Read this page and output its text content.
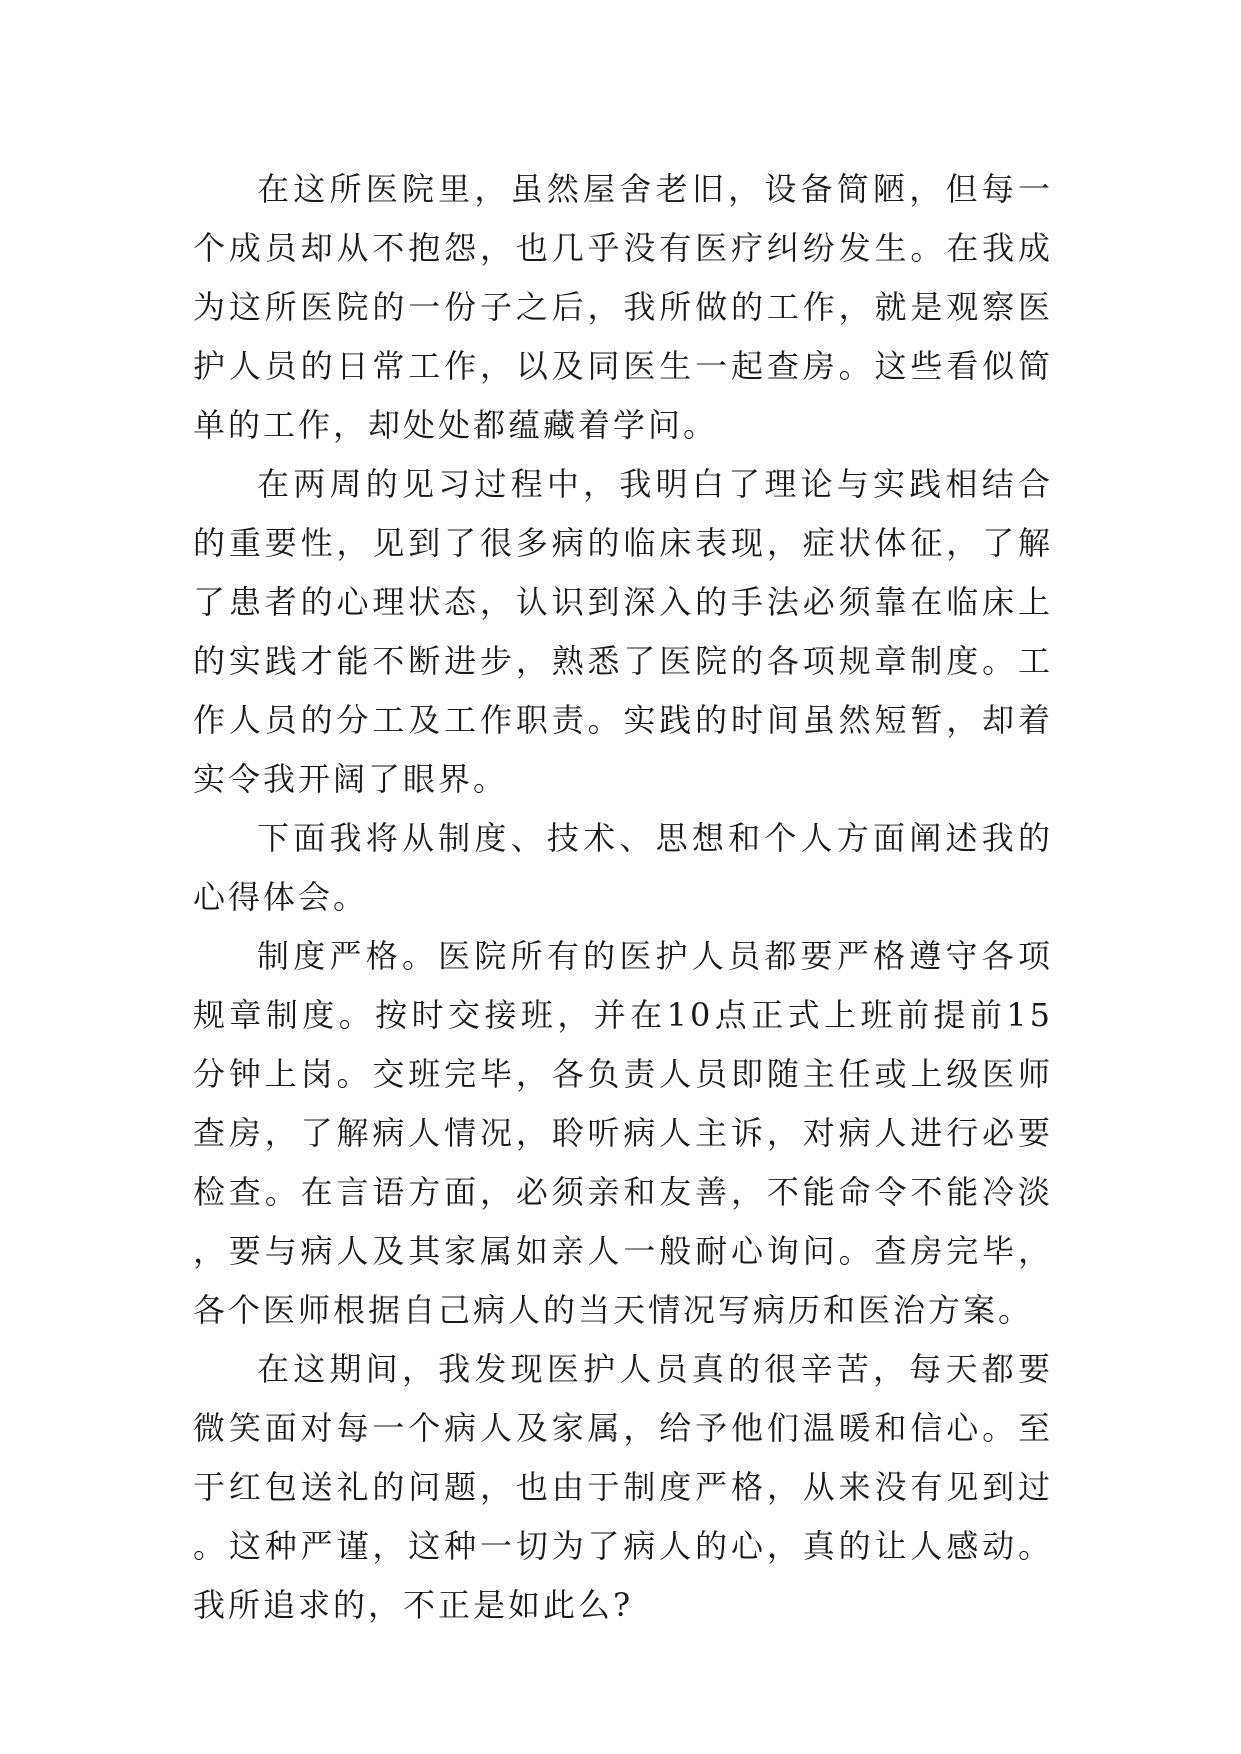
在这所医院里，虽然屋舍老旧，设备简陋，但每一个成员却从不抱怨，也几乎没有医疗纠纷发生。在我成为这所医院的一份子之后，我所做的工作，就是观察医护人员的日常工作，以及同医生一起查房。这些看似简单的工作，却处处都蕴藏着学问。

在两周的见习过程中，我明白了理论与实践相结合的重要性，见到了很多病的临床表现，症状体征，了解了患者的心理状态，认识到深入的手法必须靠在临床上的实践才能不断进步，熟悉了医院的各项规章制度。工作人员的分工及工作职责。实践的时间虽然短暂，却着实令我开阔了眼界。

下面我将从制度、技术、思想和个人方面阐述我的心得体会。

制度严格。医院所有的医护人员都要严格遵守各项规章制度。按时交接班，并在10点正式上班前提前15分钟上岗。交班完毕，各负责人员即随主任或上级医师查房，了解病人情况，聆听病人主诉，对病人进行必要检查。在言语方面，必须亲和友善，不能命令不能冷淡，要与病人及其家属如亲人一般耐心询问。查房完毕，各个医师根据自己病人的当天情况写病历和医治方案。

在这期间，我发现医护人员真的很辛苦，每天都要微笑面对每一个病人及家属，给予他们温暖和信心。至于红包送礼的问题，也由于制度严格，从来没有见到过。这种严谨，这种一切为了病人的心，真的让人感动。我所追求的，不正是如此么?
